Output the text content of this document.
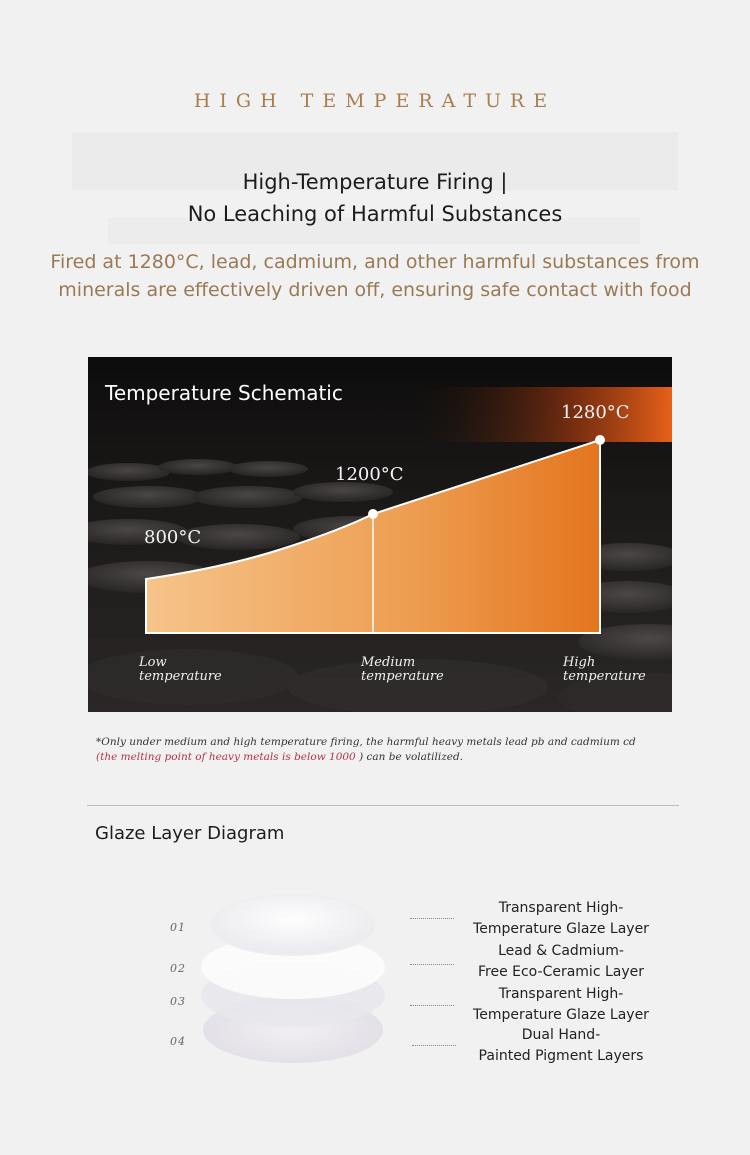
HIGH TEMPERATURE
High-Temperature Firing |
No Leaching of Harmful Substances
Fired at 1280°C, lead, cadmium, and other harmful substances from
minerals are effectively driven off, ensuring safe contact with food
Temperature Schematic
800°C
1200°C
1280°C
Low
temperature
Medium
temperature
High
temperature
*Only under medium and high temperature firing, the harmful heavy metals lead pb and cadmium cd
(the melting point of heavy metals is below 1000 ) can be volatilized.
Glaze Layer Diagram
01
02
03
04
Transparent High-
Temperature Glaze Layer
Lead & Cadmium-
Free Eco-Ceramic Layer
Transparent High-
Temperature Glaze Layer
Dual Hand-
Painted Pigment Layers
